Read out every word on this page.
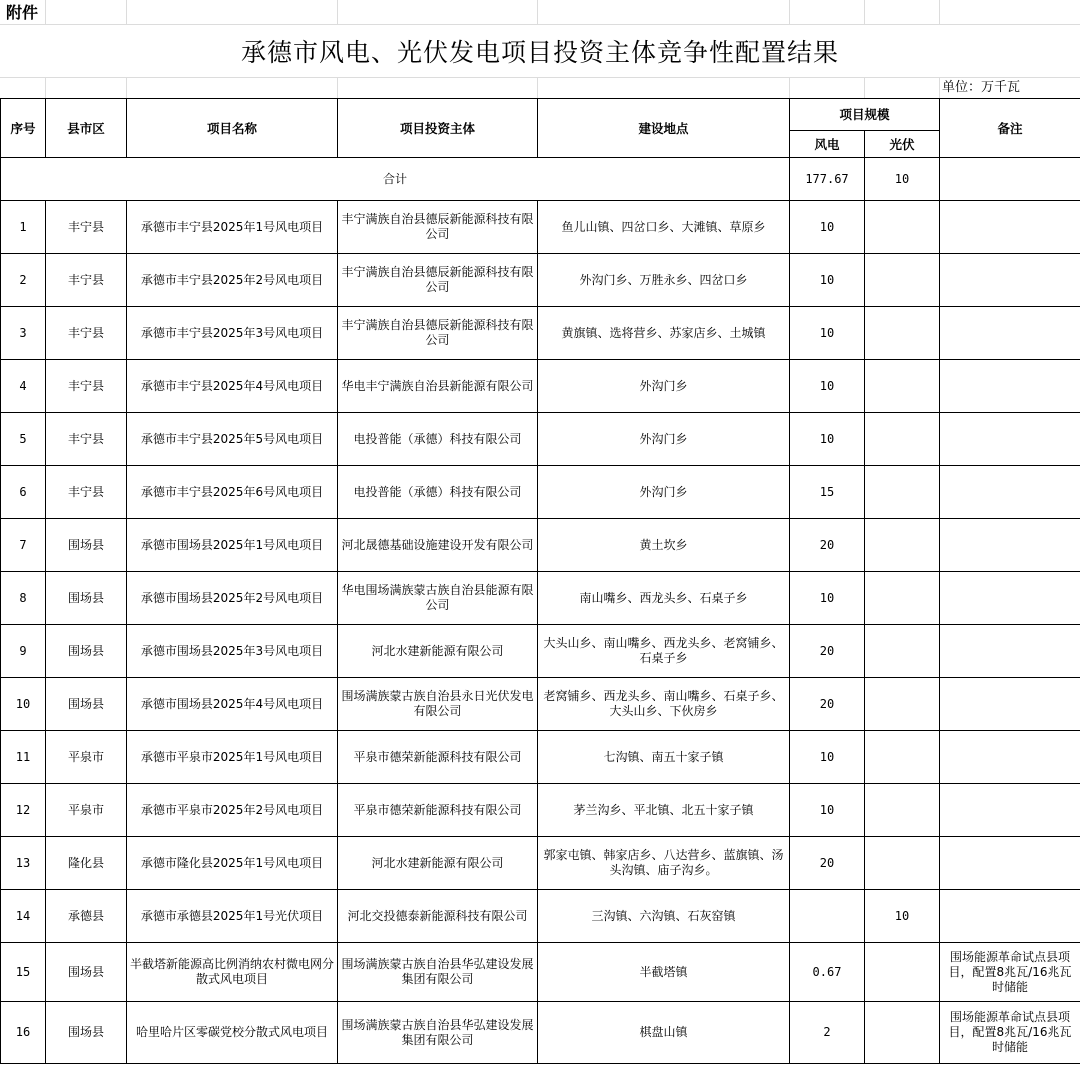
附件
承德市风电、光伏发电项目投资主体竞争性配置结果
单位：万千瓦
序号	县市区	项目名称	项目投资主体	建设地点	项目规模		备注
					风电	光伏	
合计					177.67	10	
1	丰宁县	承德市丰宁县2025年1号风电项目	丰宁满族自治县德辰新能源科技有限公司	鱼儿山镇、四岔口乡、大滩镇、草原乡	10		
2	丰宁县	承德市丰宁县2025年2号风电项目	丰宁满族自治县德辰新能源科技有限公司	外沟门乡、万胜永乡、四岔口乡	10		
3	丰宁县	承德市丰宁县2025年3号风电项目	丰宁满族自治县德辰新能源科技有限公司	黄旗镇、选将营乡、苏家店乡、土城镇	10		
4	丰宁县	承德市丰宁县2025年4号风电项目	华电丰宁满族自治县新能源有限公司	外沟门乡	10		
5	丰宁县	承德市丰宁县2025年5号风电项目	电投普能（承德）科技有限公司	外沟门乡	10		
6	丰宁县	承德市丰宁县2025年6号风电项目	电投普能（承德）科技有限公司	外沟门乡	15		
7	围场县	承德市围场县2025年1号风电项目	河北晟德基础设施建设开发有限公司	黄土坎乡	20		
8	围场县	承德市围场县2025年2号风电项目	华电围场满族蒙古族自治县能源有限公司	南山嘴乡、西龙头乡、石桌子乡	10		
9	围场县	承德市围场县2025年3号风电项目	河北水建新能源有限公司	大头山乡、南山嘴乡、西龙头乡、老窝铺乡、石桌子乡	20		
10	围场县	承德市围场县2025年4号风电项目	围场满族蒙古族自治县永日光伏发电有限公司	老窝铺乡、西龙头乡、南山嘴乡、石桌子乡、大头山乡、下伙房乡	20		
11	平泉市	承德市平泉市2025年1号风电项目	平泉市德荣新能源科技有限公司	七沟镇、南五十家子镇	10		
12	平泉市	承德市平泉市2025年2号风电项目	平泉市德荣新能源科技有限公司	茅兰沟乡、平北镇、北五十家子镇	10		
13	隆化县	承德市隆化县2025年1号风电项目	河北水建新能源有限公司	郭家屯镇、韩家店乡、八达营乡、蓝旗镇、汤头沟镇、庙子沟乡。	20		
14	承德县	承德市承德县2025年1号光伏项目	河北交投德泰新能源科技有限公司	三沟镇、六沟镇、石灰窑镇		10	
15	围场县	半截塔新能源高比例消纳农村微电网分散式风电项目	围场满族蒙古族自治县华弘建设发展集团有限公司	半截塔镇	0.67		围场能源革命试点县项目，配置8兆瓦/16兆瓦时储能
16	围场县	哈里哈片区零碳党校分散式风电项目	围场满族蒙古族自治县华弘建设发展集团有限公司	棋盘山镇	2		围场能源革命试点县项目，配置8兆瓦/16兆瓦时储能
